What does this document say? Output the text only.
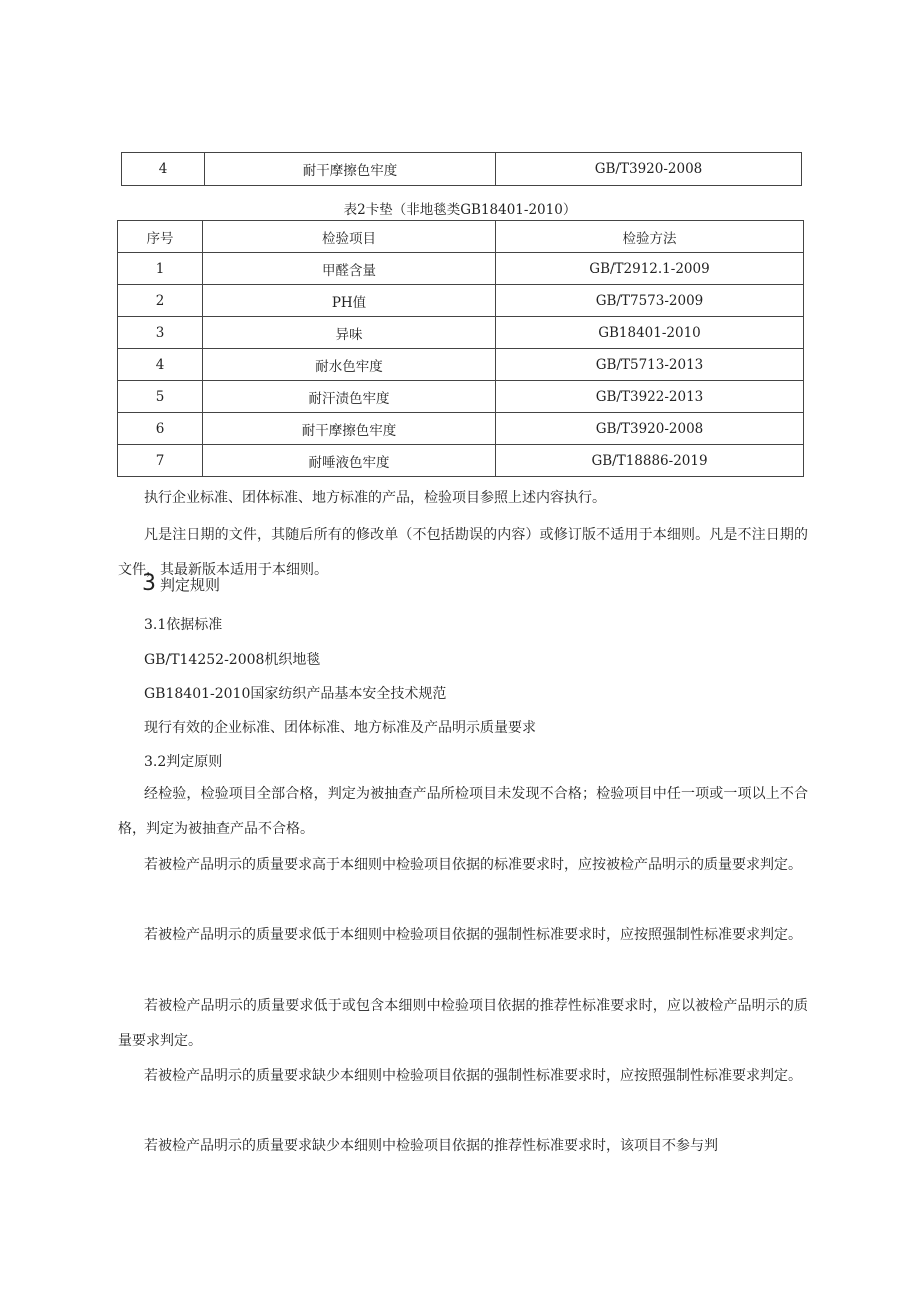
4	耐干摩擦色牢度	GB/T3920-2008
表2卡垫（非地毯类GB18401-2010）
序号	检验项目	检验方法
1	甲醛含量	GB/T2912.1-2009
2	PH值	GB/T7573-2009
3	异味	GB18401-2010
4	耐水色牢度	GB/T5713-2013
5	耐汗渍色牢度	GB/T3922-2013
6	耐干摩擦色牢度	GB/T3920-2008
7	耐唾液色牢度	GB/T18886-2019
执行企业标准、团体标准、地方标准的产品，检验项目参照上述内容执行。
凡是注日期的文件，其随后所有的修改单（不包括勘误的内容）或修订版不适用于本细则。凡是不注日期的文件，其最新版本适用于本细则。
3 判定规则
3.1依据标准
GB/T14252-2008机织地毯
GB18401-2010国家纺织产品基本安全技术规范
现行有效的企业标准、团体标准、地方标准及产品明示质量要求
3.2判定原则
经检验，检验项目全部合格，判定为被抽查产品所检项目未发现不合格；检验项目中任一项或一项以上不合格，判定为被抽查产品不合格。
若被检产品明示的质量要求高于本细则中检验项目依据的标准要求时，应按被检产品明示的质量要求判定。
若被检产品明示的质量要求低于本细则中检验项目依据的强制性标准要求时，应按照强制性标准要求判定。
若被检产品明示的质量要求低于或包含本细则中检验项目依据的推荐性标准要求时，应以被检产品明示的质量要求判定。
若被检产品明示的质量要求缺少本细则中检验项目依据的强制性标准要求时，应按照强制性标准要求判定。
若被检产品明示的质量要求缺少本细则中检验项目依据的推荐性标准要求时，该项目不参与判
